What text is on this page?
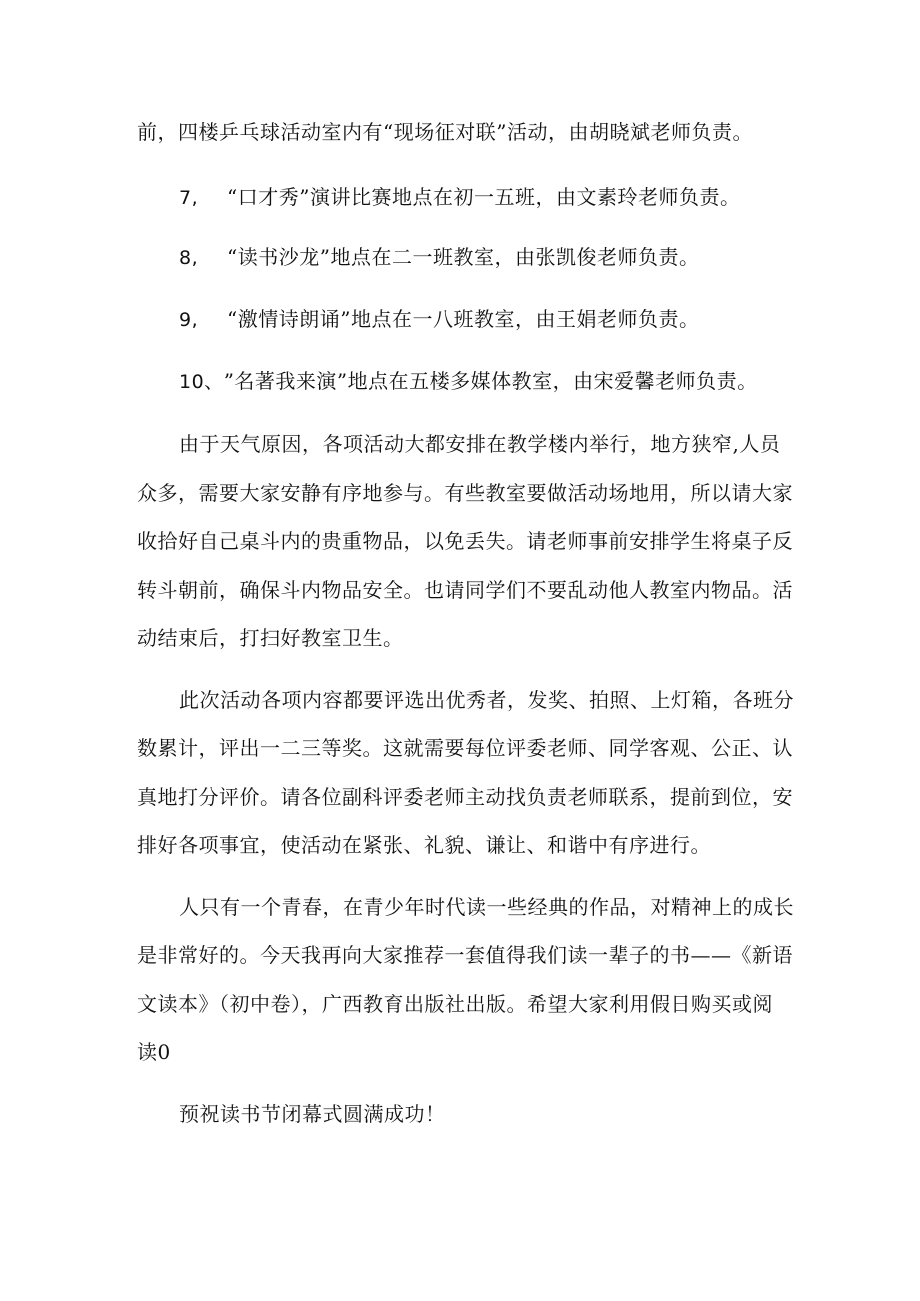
前，四楼乒乓球活动室内有“现场征对联”活动，由胡晓斌老师负责。
7, “口才秀”演讲比赛地点在初一五班，由文素玲老师负责。
8, “读书沙龙”地点在二一班教室，由张凯俊老师负责。
9, “激情诗朗诵”地点在一八班教室，由王娟老师负责。
10、”名著我来演”地点在五楼多媒体教室，由宋爱馨老师负责。
由于天气原因，各项活动大都安排在教学楼内举行，地方狭窄,人员
众多，需要大家安静有序地参与。有些教室要做活动场地用，所以请大家
收拾好自己桌斗内的贵重物品，以免丢失。请老师事前安排学生将桌子反
转斗朝前，确保斗内物品安全。也请同学们不要乱动他人教室内物品。活
动结束后，打扫好教室卫生。
此次活动各项内容都要评选出优秀者，发奖、拍照、上灯箱，各班分
数累计，评出一二三等奖。这就需要每位评委老师、同学客观、公正、认
真地打分评价。请各位副科评委老师主动找负责老师联系，提前到位，安
排好各项事宜，使活动在紧张、礼貌、谦让、和谐中有序进行。
人只有一个青春，在青少年时代读一些经典的作品，对精神上的成长
是非常好的。今天我再向大家推荐一套值得我们读一辈子的书——《新语
文读本》（初中卷），广西教育出版社出版。希望大家利用假日购买或阅
读0
预祝读书节闭幕式圆满成功！
